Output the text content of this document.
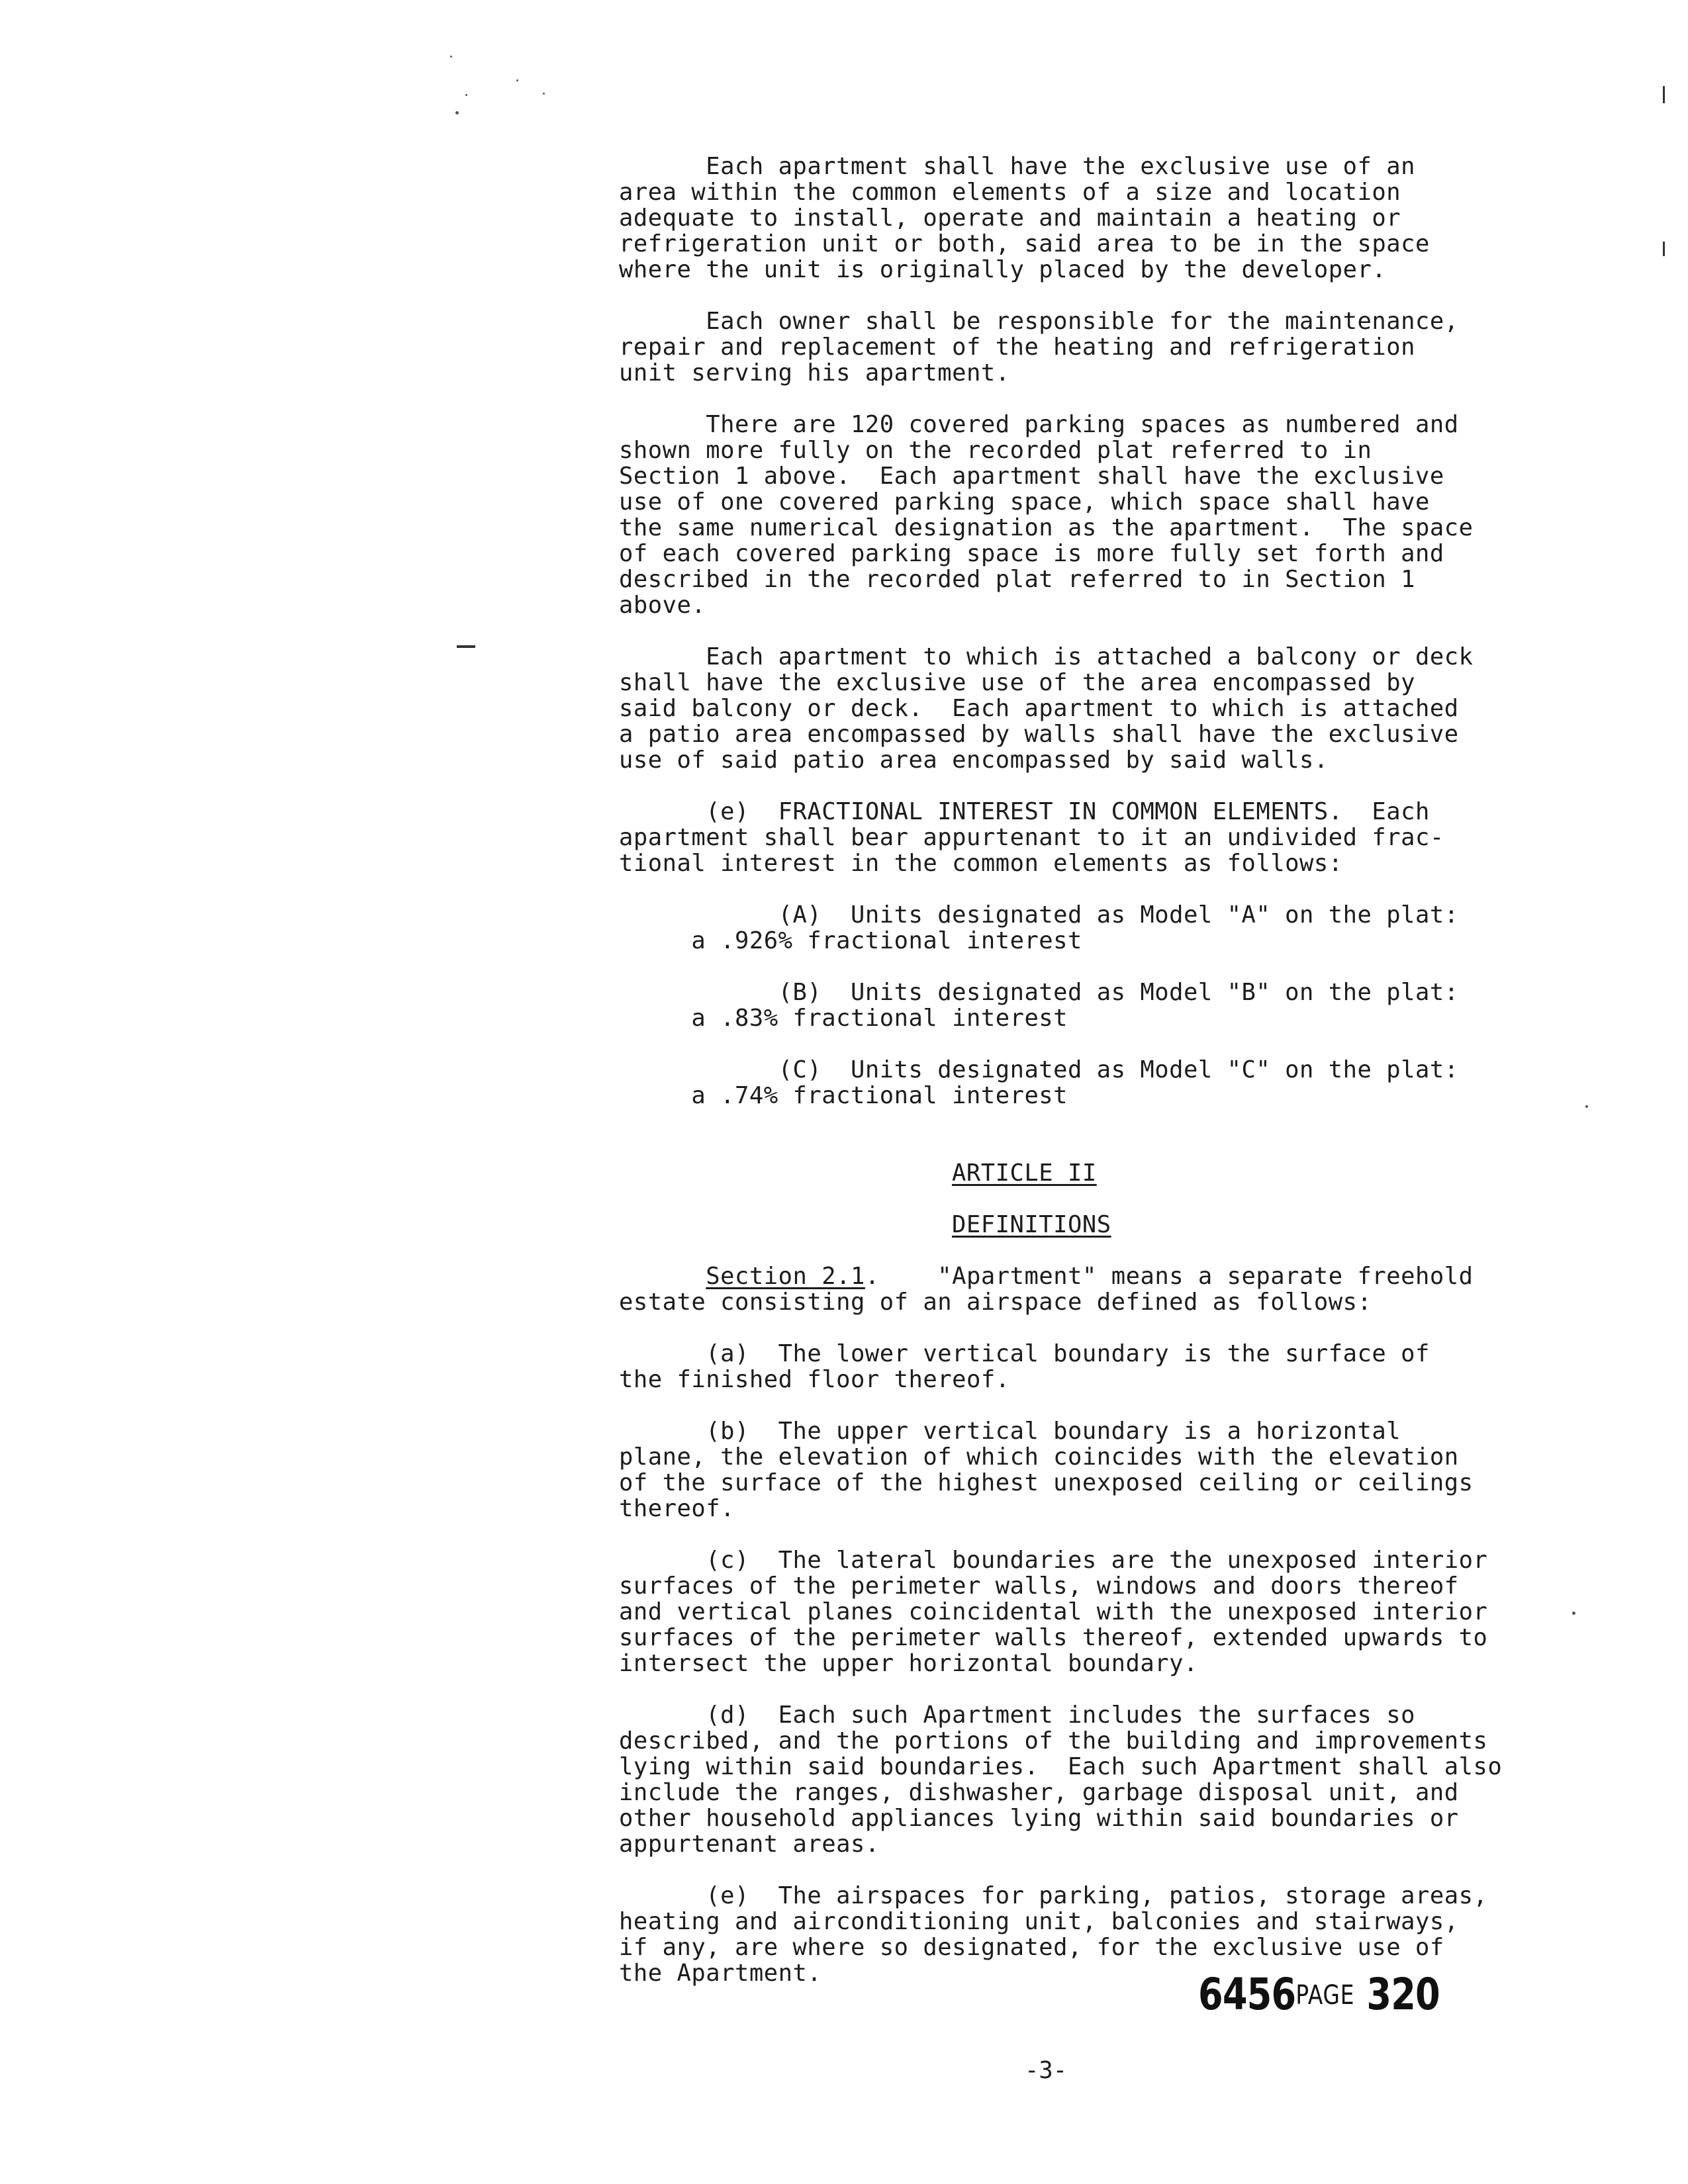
Each apartment shall have the exclusive use of an
area within the common elements of a size and location
adequate to install, operate and maintain a heating or
refrigeration unit or both, said area to be in the space
where the unit is originally placed by the developer.
Each owner shall be responsible for the maintenance,
repair and replacement of the heating and refrigeration
unit serving his apartment.
There are 120 covered parking spaces as numbered and
shown more fully on the recorded plat referred to in
Section 1 above.  Each apartment shall have the exclusive
use of one covered parking space, which space shall have
the same numerical designation as the apartment.  The space
of each covered parking space is more fully set forth and
described in the recorded plat referred to in Section 1
above.
Each apartment to which is attached a balcony or deck
shall have the exclusive use of the area encompassed by
said balcony or deck.  Each apartment to which is attached
a patio area encompassed by walls shall have the exclusive
use of said patio area encompassed by said walls.
(e)  FRACTIONAL INTEREST IN COMMON ELEMENTS.  Each
apartment shall bear appurtenant to it an undivided frac-
tional interest in the common elements as follows:
(A)  Units designated as Model "A" on the plat:
a .926% fractional interest
(B)  Units designated as Model "B" on the plat:
a .83% fractional interest
(C)  Units designated as Model "C" on the plat:
a .74% fractional interest
ARTICLE II
DEFINITIONS
Section 2.1.    "Apartment" means a separate freehold
estate consisting of an airspace defined as follows:
(a)  The lower vertical boundary is the surface of
the finished floor thereof.
(b)  The upper vertical boundary is a horizontal
plane, the elevation of which coincides with the elevation
of the surface of the highest unexposed ceiling or ceilings
thereof.
(c)  The lateral boundaries are the unexposed interior
surfaces of the perimeter walls, windows and doors thereof
and vertical planes coincidental with the unexposed interior
surfaces of the perimeter walls thereof, extended upwards to
intersect the upper horizontal boundary.
(d)  Each such Apartment includes the surfaces so
described, and the portions of the building and improvements
lying within said boundaries.  Each such Apartment shall also
include the ranges, dishwasher, garbage disposal unit, and
other household appliances lying within said boundaries or
appurtenant areas.
(e)  The airspaces for parking, patios, storage areas,
heating and airconditioning unit, balconies and stairways,
if any, are where so designated, for the exclusive use of
the Apartment.	6456PAGE 320
-3-
